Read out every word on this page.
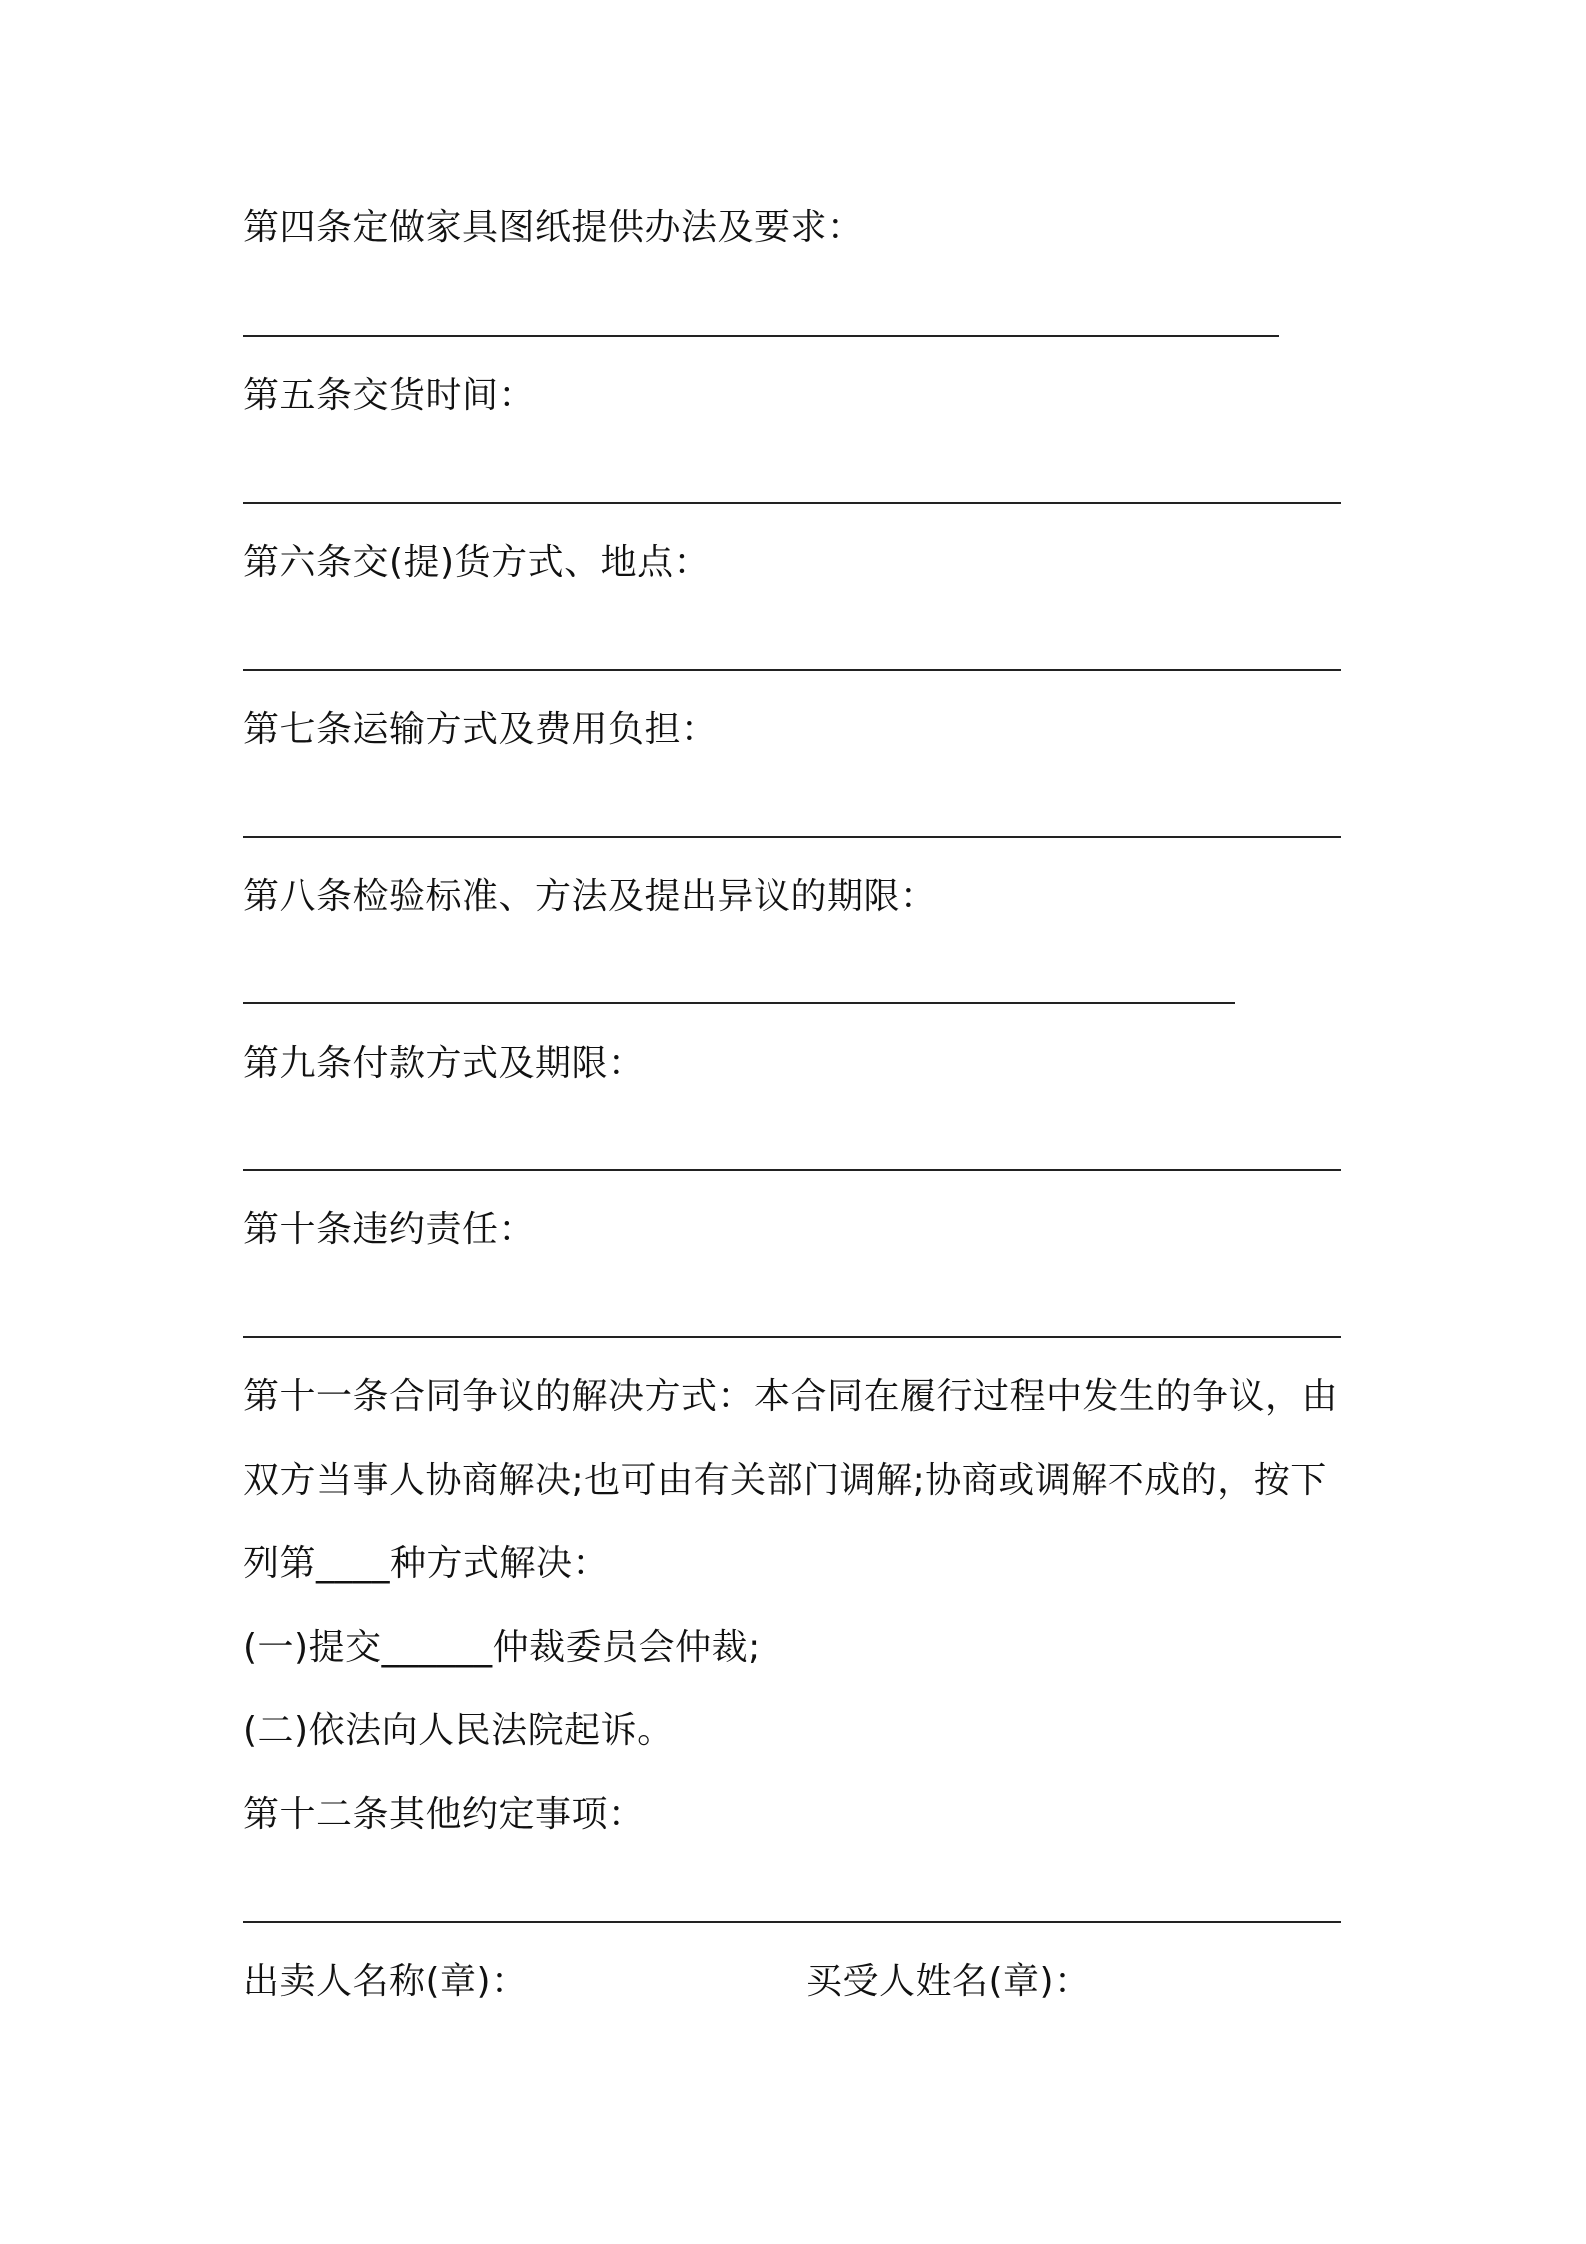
第四条定做家具图纸提供办法及要求：
第五条交货时间：
第六条交(提)货方式、地点：
第七条运输方式及费用负担：
第八条检验标准、方法及提出异议的期限：
第九条付款方式及期限：
第十条违约责任：
第十一条合同争议的解决方式：本合同在履行过程中发生的争议，由
双方当事人协商解决;也可由有关部门调解;协商或调解不成的，按下
列第____种方式解决：
(一)提交______仲裁委员会仲裁;
(二)依法向人民法院起诉。
第十二条其他约定事项：
出卖人名称(章)：	买受人姓名(章)：
